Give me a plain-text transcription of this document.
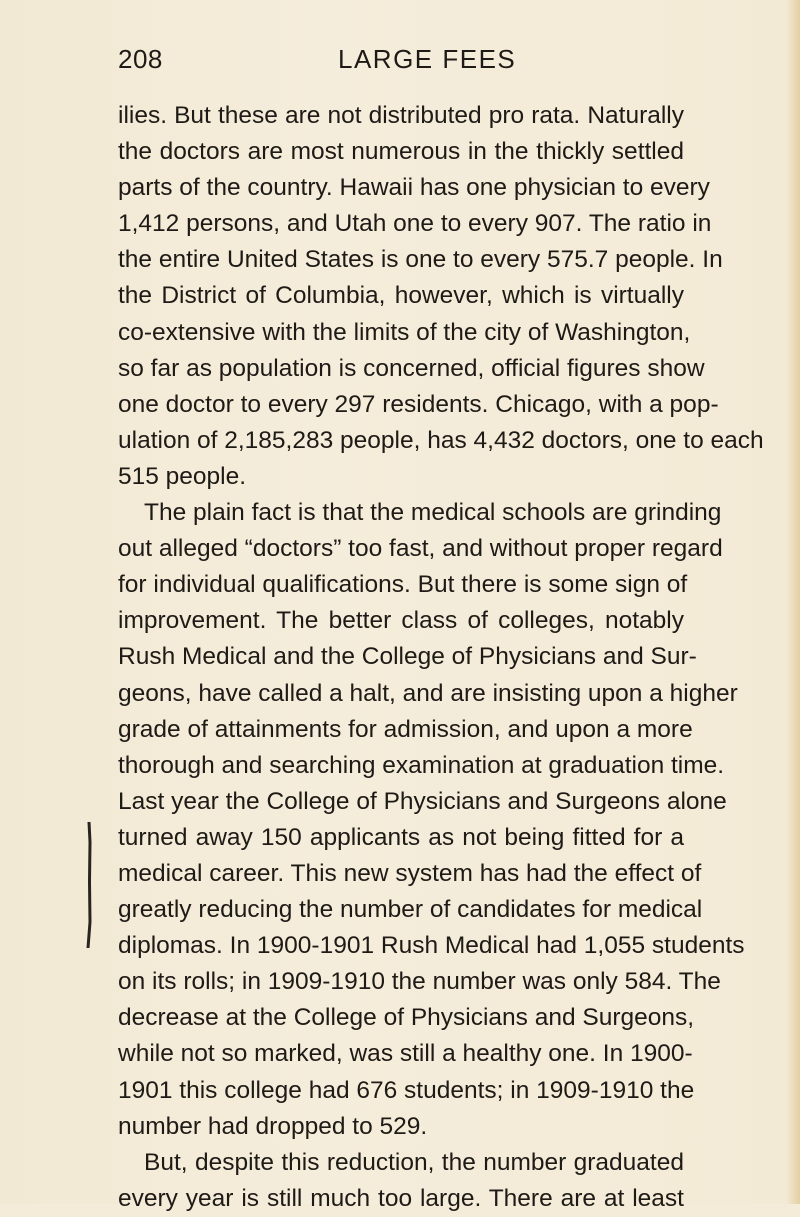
208	LARGE FEES
ilies. But these are not distributed pro rata. Naturally
the doctors are most numerous in the thickly settled
parts of the country. Hawaii has one physician to every
1,412 persons, and Utah one to every 907. The ratio in
the entire United States is one to every 575.7 people. In
the District of Columbia, however, which is virtually
co-extensive with the limits of the city of Washington,
so far as population is concerned, official figures show
one doctor to every 297 residents. Chicago, with a pop-
ulation of 2,185,283 people, has 4,432 doctors, one to each
515 people.
The plain fact is that the medical schools are grinding
out alleged “doctors” too fast, and without proper regard
for individual qualifications. But there is some sign of
improvement. The better class of colleges, notably
Rush Medical and the College of Physicians and Sur-
geons, have called a halt, and are insisting upon a higher
grade of attainments for admission, and upon a more
thorough and searching examination at graduation time.
Last year the College of Physicians and Surgeons alone
turned away 150 applicants as not being fitted for a
medical career. This new system has had the effect of
greatly reducing the number of candidates for medical
diplomas. In 1900-1901 Rush Medical had 1,055 students
on its rolls; in 1909-1910 the number was only 584. The
decrease at the College of Physicians and Surgeons,
while not so marked, was still a healthy one. In 1900-
1901 this college had 676 students; in 1909-1910 the
number had dropped to 529.
But, despite this reduction, the number graduated
every year is still much too large. There are at least
